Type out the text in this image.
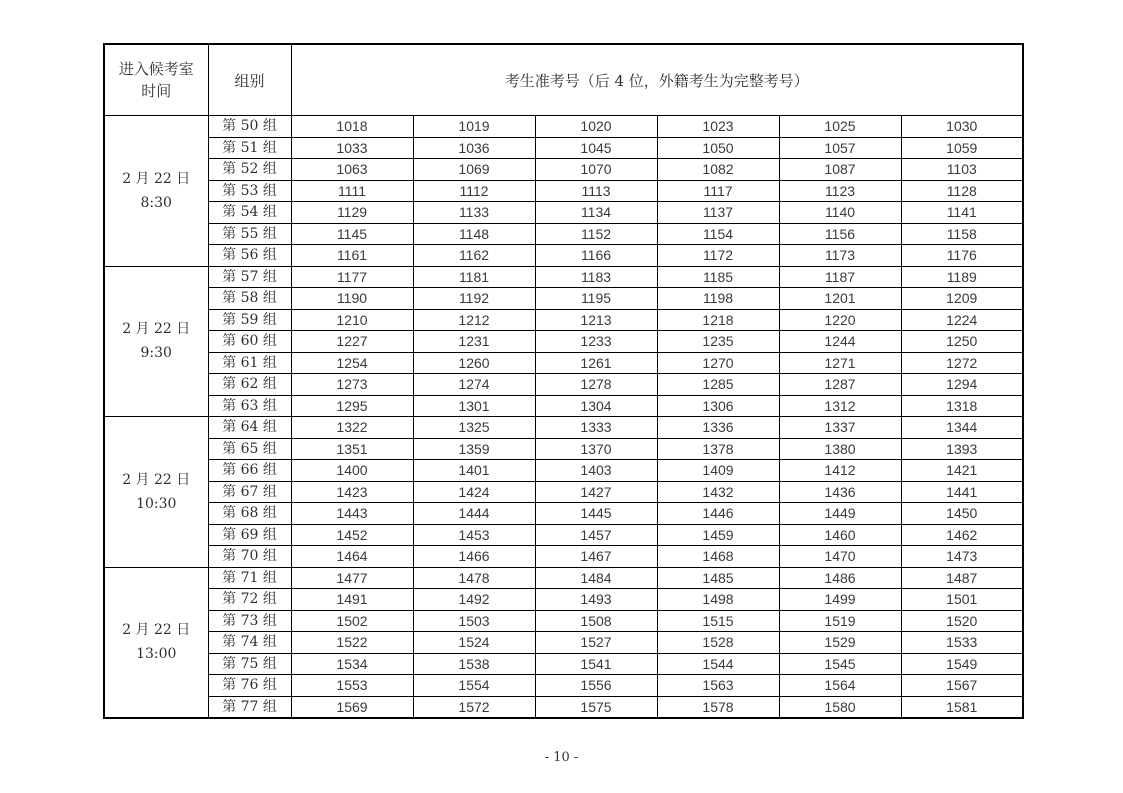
进入候考室
时间	组别	考生准考号（后 4 位，外籍考生为完整考号）					

2 月 22 日
8:30	第 50 组	1018	1019	1020	1023	1025	1030
	第 51 组	1033	1036	1045	1050	1057	1059
	第 52 组	1063	1069	1070	1082	1087	1103
	第 53 组	1111	1112	1113	1117	1123	1128
	第 54 组	1129	1133	1134	1137	1140	1141
	第 55 组	1145	1148	1152	1154	1156	1158
	第 56 组	1161	1162	1166	1172	1173	1176

2 月 22 日
9:30	第 57 组	1177	1181	1183	1185	1187	1189
	第 58 组	1190	1192	1195	1198	1201	1209
	第 59 组	1210	1212	1213	1218	1220	1224
	第 60 组	1227	1231	1233	1235	1244	1250
	第 61 组	1254	1260	1261	1270	1271	1272
	第 62 组	1273	1274	1278	1285	1287	1294
	第 63 组	1295	1301	1304	1306	1312	1318

2 月 22 日
10:30	第 64 组	1322	1325	1333	1336	1337	1344
	第 65 组	1351	1359	1370	1378	1380	1393
	第 66 组	1400	1401	1403	1409	1412	1421
	第 67 组	1423	1424	1427	1432	1436	1441
	第 68 组	1443	1444	1445	1446	1449	1450
	第 69 组	1452	1453	1457	1459	1460	1462
	第 70 组	1464	1466	1467	1468	1470	1473

2 月 22 日
13:00	第 71 组	1477	1478	1484	1485	1486	1487
	第 72 组	1491	1492	1493	1498	1499	1501
	第 73 组	1502	1503	1508	1515	1519	1520
	第 74 组	1522	1524	1527	1528	1529	1533
	第 75 组	1534	1538	1541	1544	1545	1549
	第 76 组	1553	1554	1556	1563	1564	1567
	第 77 组	1569	1572	1575	1578	1580	1581
- 10 -
